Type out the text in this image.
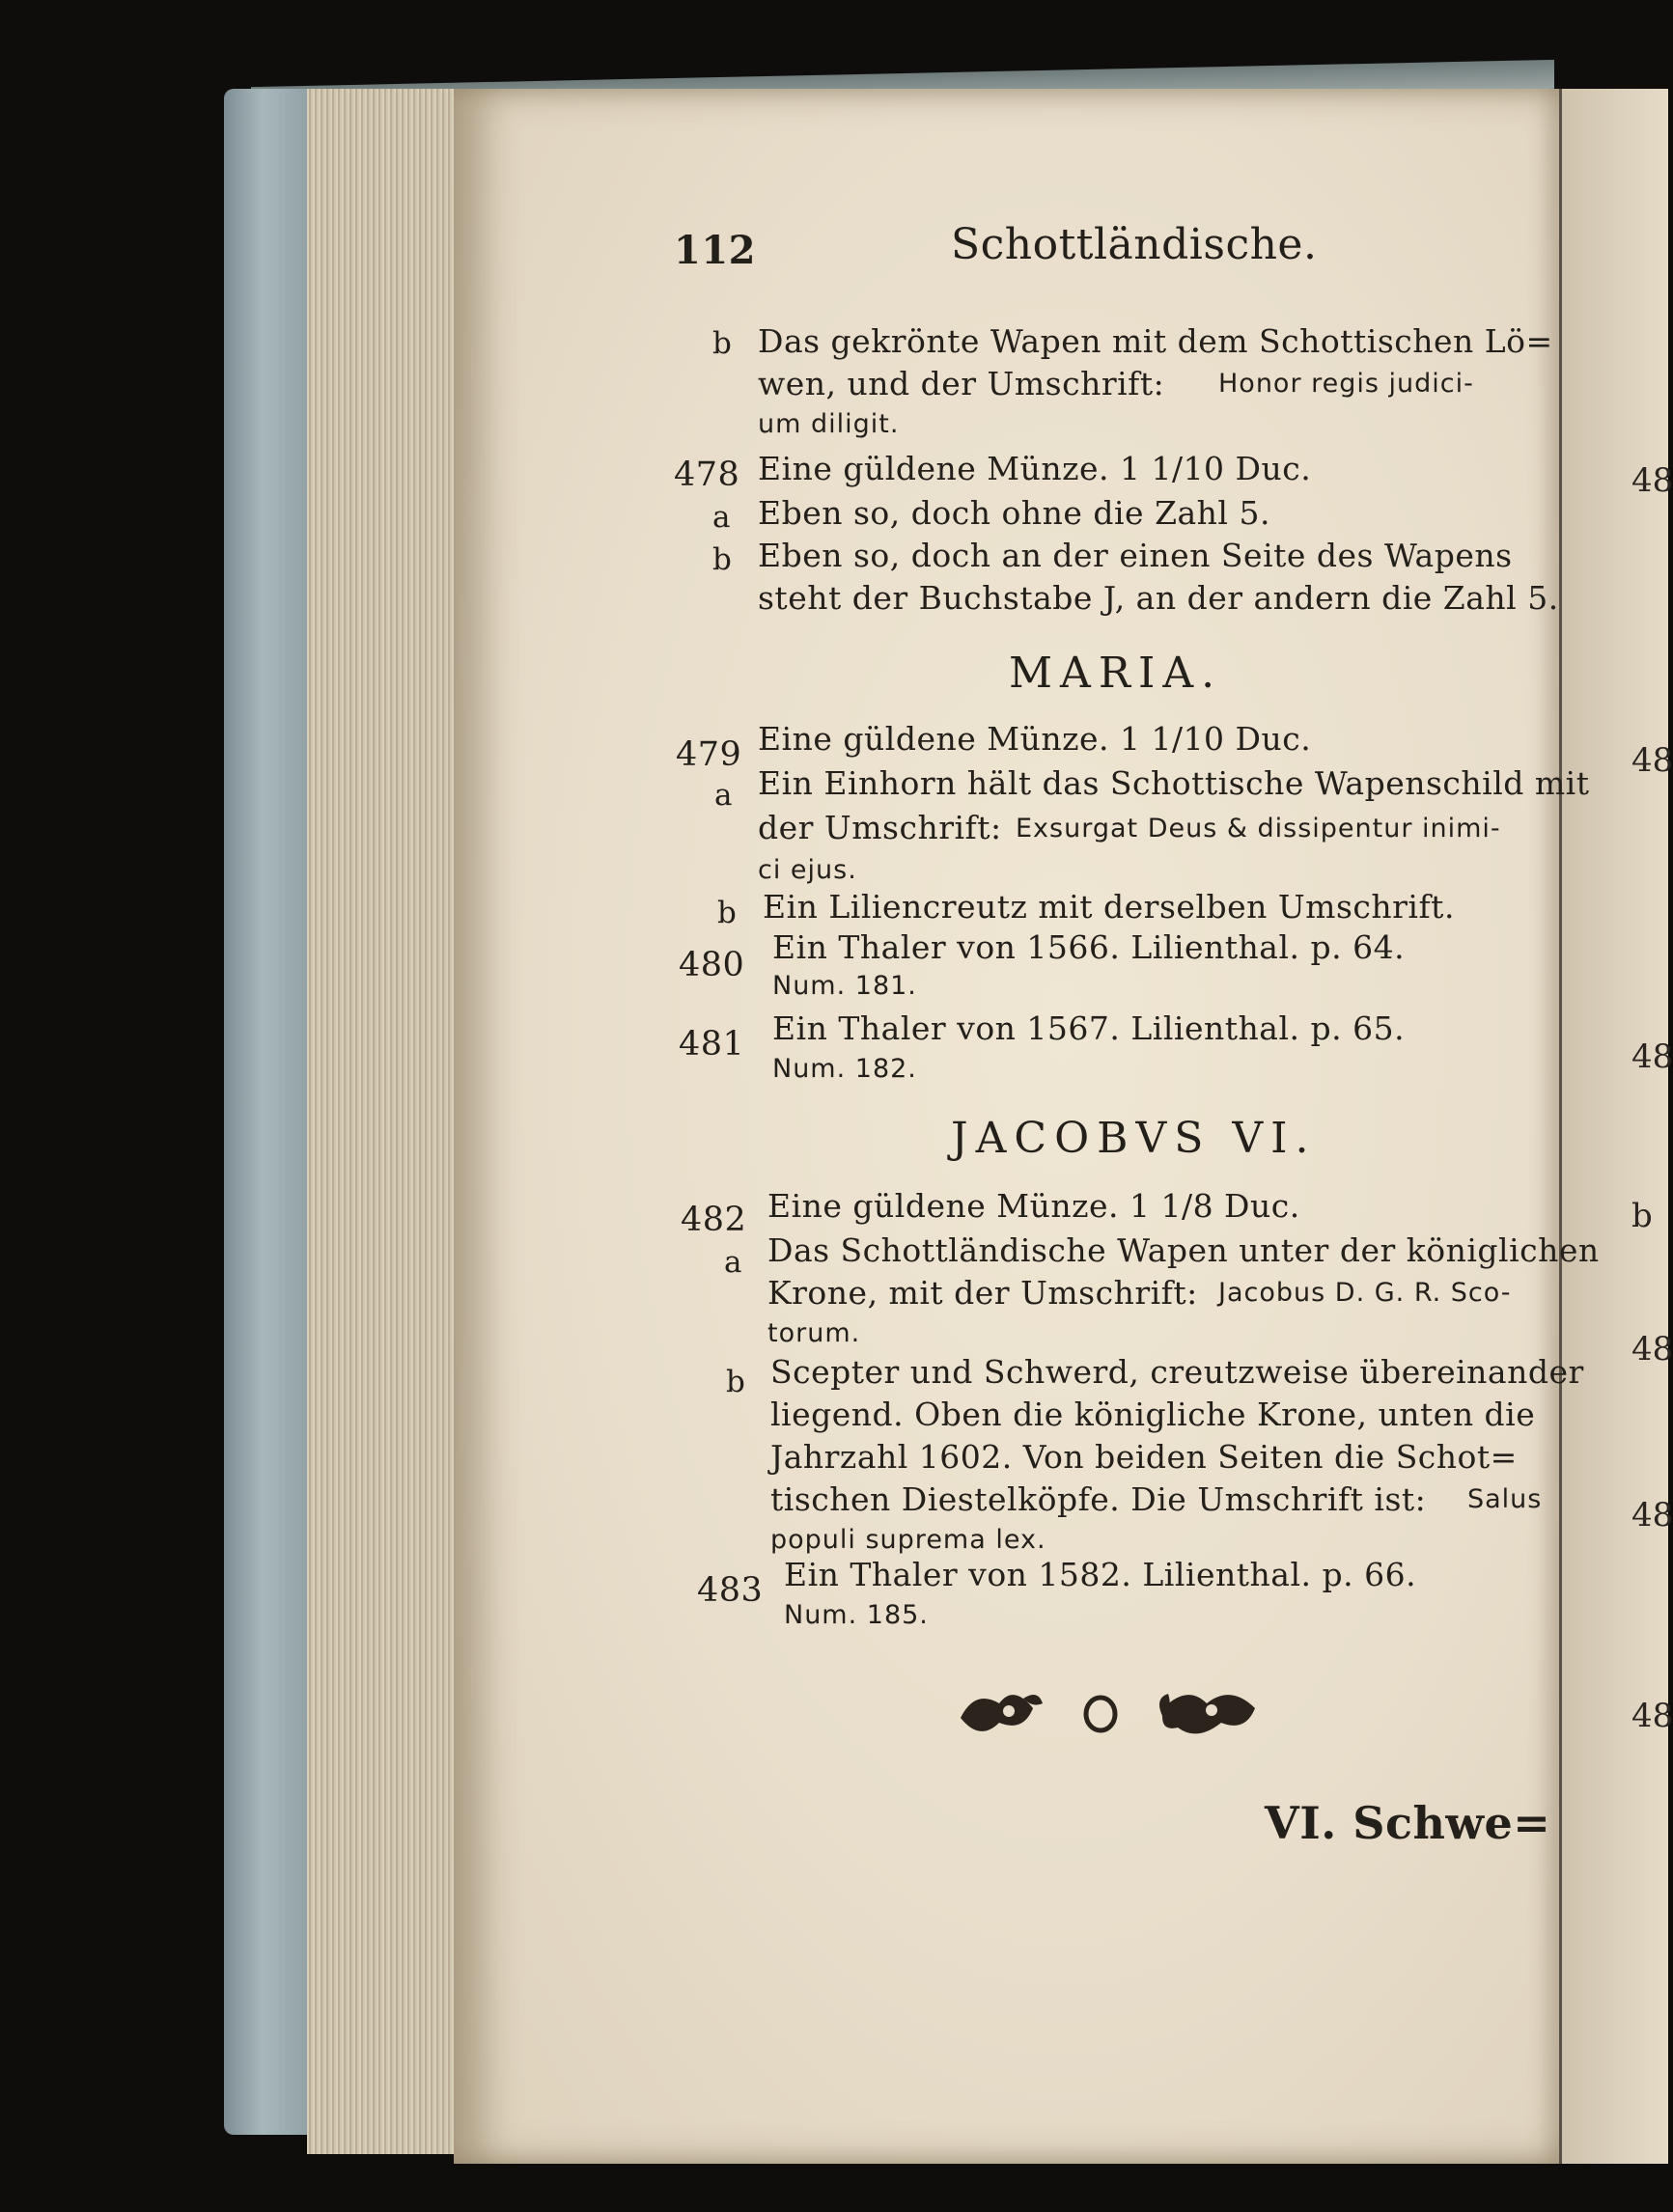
48
48
48
b
48
48
48
112	Schottländische.
b Das gekrönte Wapen mit dem Schottischen Lö=
wen, und der Umschrift: Honor regis judici-
um diligit.
478 Eine güldene Münze. 1 1/10 Duc.
a Eben so, doch ohne die Zahl 5.
b Eben so, doch an der einen Seite des Wapens
steht der Buchstabe J, an der andern die Zahl 5.
MARIA.
479 Eine güldene Münze. 1 1/10 Duc.
a Ein Einhorn hält das Schottische Wapenschild mit
der Umschrift: Exsurgat Deus & dissipentur inimi-
ci ejus.
b Ein Liliencreutz mit derselben Umschrift.
480 Ein Thaler von 1566. Lilienthal. p. 64.
Num. 181.
481 Ein Thaler von 1567. Lilienthal. p. 65.
Num. 182.
JACOBVS VI.
482 Eine güldene Münze. 1 1/8 Duc.
a Das Schottländische Wapen unter der königlichen
Krone, mit der Umschrift: Jacobus D. G. R. Sco-
torum.
b Scepter und Schwerd, creutzweise übereinander
liegend. Oben die königliche Krone, unten die
Jahrzahl 1602. Von beiden Seiten die Schot=
tischen Diestelköpfe. Die Umschrift ist: Salus
populi suprema lex.
483 Ein Thaler von 1582. Lilienthal. p. 66.
Num. 185.
VI. Schwe=
